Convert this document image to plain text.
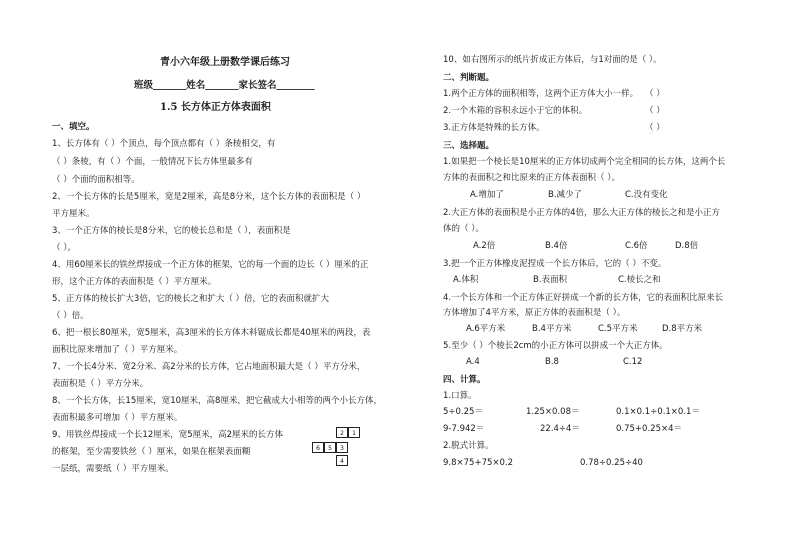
青小六年级上册数学课后练习
班级_______姓名_______家长签名________
1.5 长方体正方体表面积
一、填空。
1、长方体有（ ）个顶点，每个顶点都有（ ）条棱相交，有
（ ）条棱，有（ ）个面，一般情况下长方体里最多有
（ ）个面的面积相等。
2、一个长方体的长是5厘米，宽是2厘米，高是8分米，这个长方体的表面积是（ ）
平方厘米。
3、一个正方体的棱长是8分米，它的棱长总和是（ ），表面积是
（ ）。
4、用60厘米长的铁丝焊接成一个正方体的框架，它的每一个面的边长（ ）厘米的正
形，这个正方体的表面积是（ ）平方厘米。
5、正方体的棱长扩大3倍，它的棱长之和扩大（ ）倍，它的表面积就扩大
（ ）倍。
6、把一根长80厘米，宽5厘米，高3厘米的长方体木料锯成长都是40厘米的两段，表
面积比原来增加了（ ）平方厘米。
7、一个长4分米、宽2分米、高2分米的长方体，它占地面积最大是（ ）平方分米，
表面积是（ ）平方分米。
8、一个长方体，长15厘米，宽10厘米，高8厘米，把它截成大小相等的两个小长方体，
表面积最多可增加（ ）平方厘米。
9、用铁丝焊接成一个长12厘米，宽5厘米，高2厘米的长方体
的框架，至少需要铁丝（ ）厘米，如果在框架表面糊
一层纸，需要纸（ ）平方厘米。
2	1
6	5	3
4
10、如右图所示的纸片折成正方体后，与1对面的是（ ）。
二、判断题。
1.两个正方体的面积相等，这两个正方体大小一样。 （ ）
2.一个木箱的容积永远小于它的体积。	（ ）
3.正方体是特殊的长方体。	（ ）
三、选择题。
1.如果把一个棱长是10厘米的正方体切成两个完全相同的长方体，这两个长
方体的表面积之和比原来的正方体表面积（ ）。
A.增加了	B.减少了	C.没有变化
2.大正方体的表面积是小正方体的4倍，那么大正方体的棱长之和是小正方
体的（ ）。
A.2倍	B.4倍	C.6倍	D.8倍
3.把一个正方体橡皮泥捏成一个长方体后，它的（ ）不变。
A.体积	B.表面积	C.棱长之和
4.一个长方体和一个正方体正好拼成一个新的长方体，它的表面积比原来长
方体增加了4平方米，原正方体的表面积是（ ）。
A.6平方米	B.4平方米	C.5平方米	D.8平方米
5.至少（ ）个棱长2cm的小正方体可以拼成一个大正方体。
A.4	B.8	C.12
四、计算。
1.口算。
5÷0.25＝	1.25×0.08＝	0.1×0.1÷0.1×0.1＝
9-7.942＝	22.4÷4＝	0.75+0.25×4＝
2.脱式计算。
9.8×75+75×0.2	0.78÷0.25÷40
